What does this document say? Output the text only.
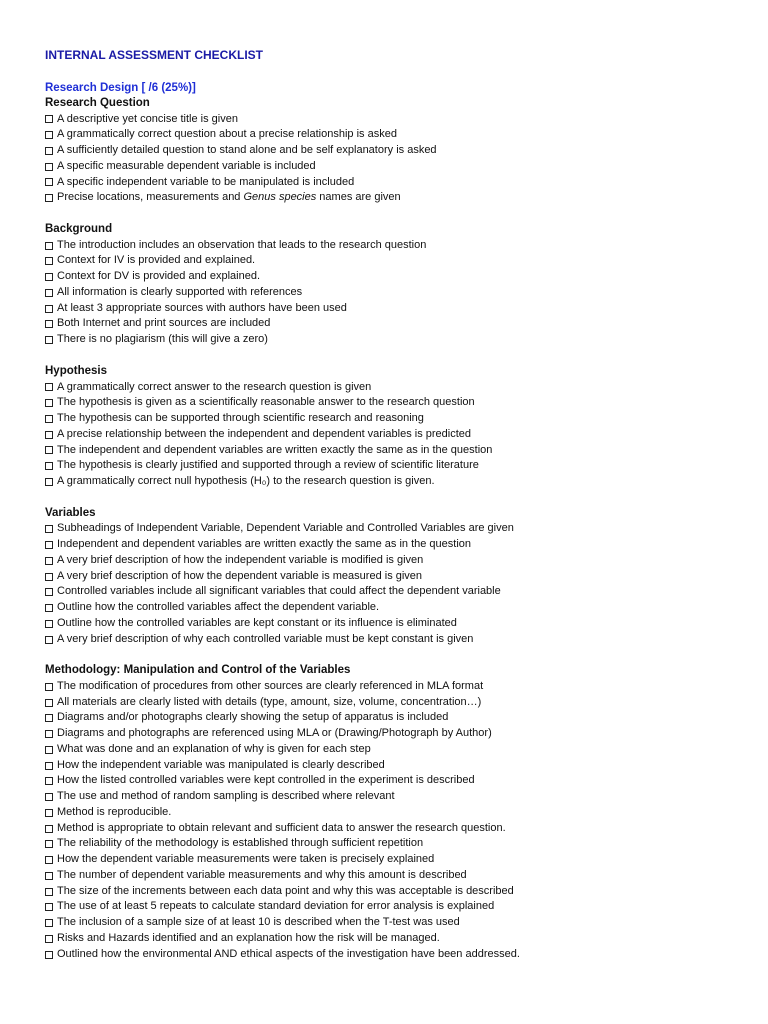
INTERNAL ASSESSMENT CHECKLIST
Research Design [ /6 (25%)]
Research Question
A descriptive yet concise title is given
A grammatically correct question about a precise relationship is asked
A sufficiently detailed question to stand alone and be self explanatory is asked
A specific measurable dependent variable is included
A specific independent variable to be manipulated is included
Precise locations, measurements and Genus species names are given
Background
The introduction includes an observation that leads to the research question
Context for IV is provided and explained.
Context for DV is provided and explained.
All information is clearly supported with references
At least 3 appropriate sources with authors have been used
Both Internet and print sources are included
There is no plagiarism (this will give a zero)
Hypothesis
A grammatically correct answer to the research question is given
The hypothesis is given as a scientifically reasonable answer to the research question
The hypothesis can be supported through scientific research and reasoning
A precise relationship between the independent and dependent variables is predicted
The independent and dependent variables are written exactly the same as in the question
The hypothesis is clearly justified and supported through a review of scientific literature
A grammatically correct null hypothesis (H₀) to the research question is given.
Variables
Subheadings of Independent Variable, Dependent Variable and Controlled Variables are given
Independent and dependent variables are written exactly the same as in the question
A very brief description of how the independent variable is modified is given
A very brief description of how the dependent variable is measured is given
Controlled variables include all significant variables that could affect the dependent variable
Outline how the controlled variables affect the dependent variable.
Outline how the controlled variables are kept constant or its influence is eliminated
A very brief description of why each controlled variable must be kept constant is given
Methodology: Manipulation and Control of the Variables
The modification of procedures from other sources are clearly referenced in MLA format
All materials are clearly listed with details (type, amount, size, volume, concentration…)
Diagrams and/or photographs clearly showing the setup of apparatus is included
Diagrams and photographs are referenced using MLA or (Drawing/Photograph by Author)
What was done and an explanation of why is given for each step
How the independent variable was manipulated is clearly described
How the listed controlled variables were kept controlled in the experiment is described
The use and method of random sampling is described where relevant
Method is reproducible.
Method is appropriate to obtain relevant and sufficient data to answer the research question.
The reliability of the methodology is established through sufficient repetition
How the dependent variable measurements were taken is precisely explained
The number of dependent variable measurements and why this amount is described
The size of the increments between each data point and why this was acceptable is described
The use of at least 5 repeats to calculate standard deviation for error analysis is explained
The inclusion of a sample size of at least 10 is described when the T-test was used
Risks and Hazards identified and an explanation how the risk will be managed.
Outlined how the environmental AND ethical aspects of the investigation have been addressed.
